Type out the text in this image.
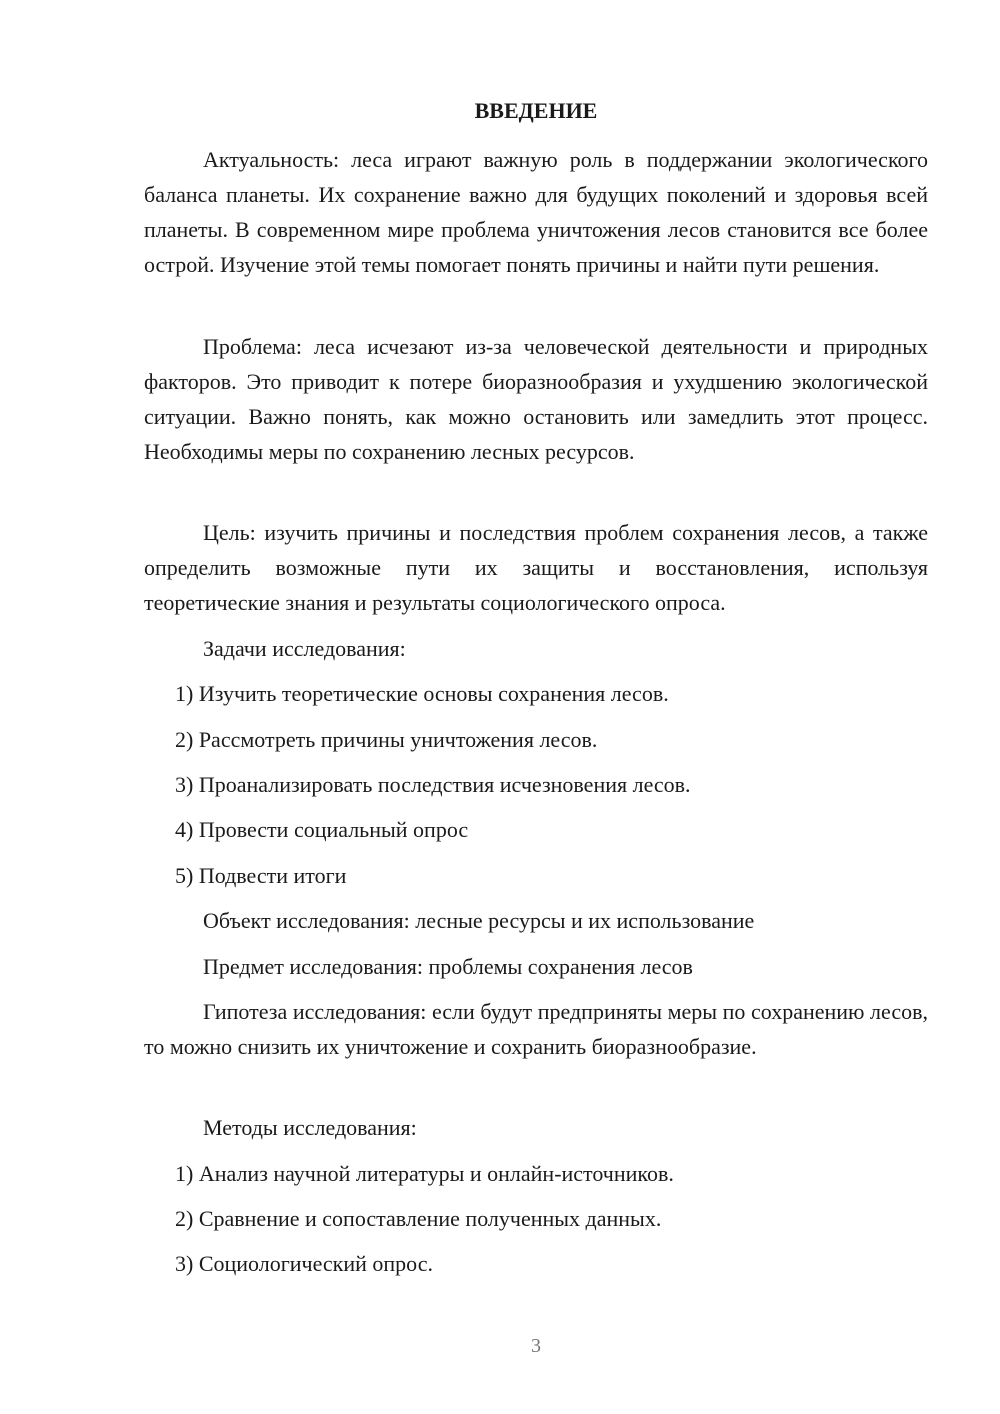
ВВЕДЕНИЕ

Актуальность: леса играют важную роль в поддержании экологического баланса планеты. Их сохранение важно для будущих поколений и здоровья всей планеты. В современном мире проблема уничтожения лесов становится все более острой. Изучение этой темы помогает понять причины и найти пути решения.

Проблема: леса исчезают из-за человеческой деятельности и природных факторов. Это приводит к потере биоразнообразия и ухудшению экологической ситуации. Важно понять, как можно остановить или замедлить этот процесс. Необходимы меры по сохранению лесных ресурсов.

Цель: изучить причины и последствия проблем сохранения лесов, а также определить возможные пути их защиты и восстановления, используя теоретические знания и результаты социологического опроса.

Задачи исследования:

1) Изучить теоретические основы сохранения лесов.

2) Рассмотреть причины уничтожения лесов.

3) Проанализировать последствия исчезновения лесов.

4) Провести социальный опрос

5) Подвести итоги

Объект исследования: лесные ресурсы и их использование

Предмет исследования: проблемы сохранения лесов

Гипотеза исследования: если будут предприняты меры по сохранению лесов, то можно снизить их уничтожение и сохранить биоразнообразие.

Методы исследования:

1) Анализ научной литературы и онлайн-источников.

2) Сравнение и сопоставление полученных данных.

3) Социологический опрос.

3
